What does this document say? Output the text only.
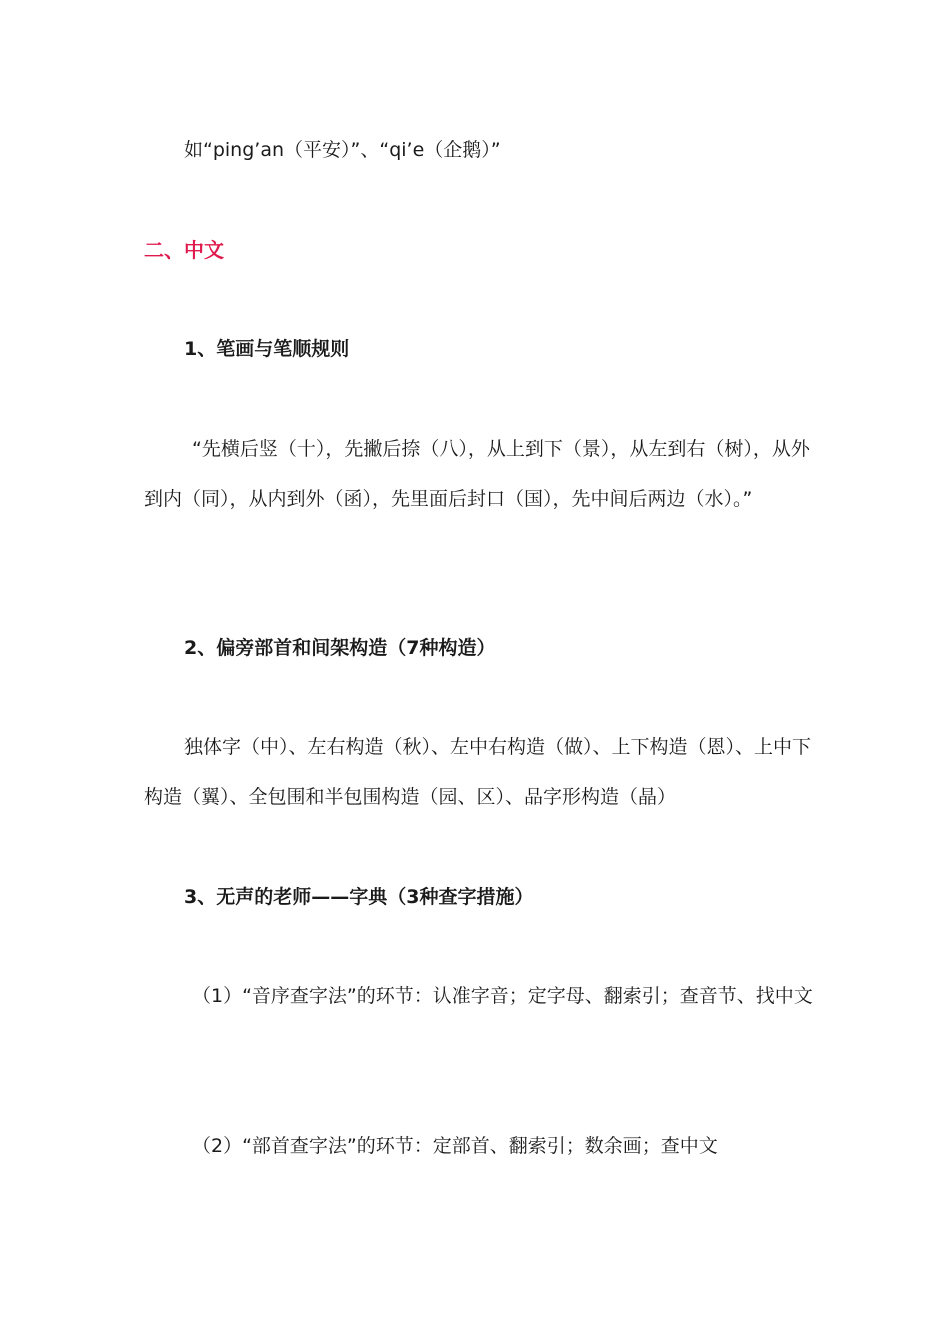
如“ping’an（平安）”、“qi’e（企鹅）”
二、中文
1、笔画与笔顺规则

“先横后竖（十），先撇后捺（八），从上到下（景），从左到右（树），从外到内（同），从内到外（函），先里面后封口（国），先中间后两边（水）。”

2、偏旁部首和间架构造（7种构造）

独体字（中）、左右构造（秋）、左中右构造（做）、上下构造（恩）、上中下构造（翼）、全包围和半包围构造（园、区）、品字形构造（晶）

3、无声的老师——字典（3种查字措施）

（1）“音序查字法”的环节：认准字音；定字母、翻索引；查音节、找中文

（2）“部首查字法”的环节：定部首、翻索引；数余画；查中文
